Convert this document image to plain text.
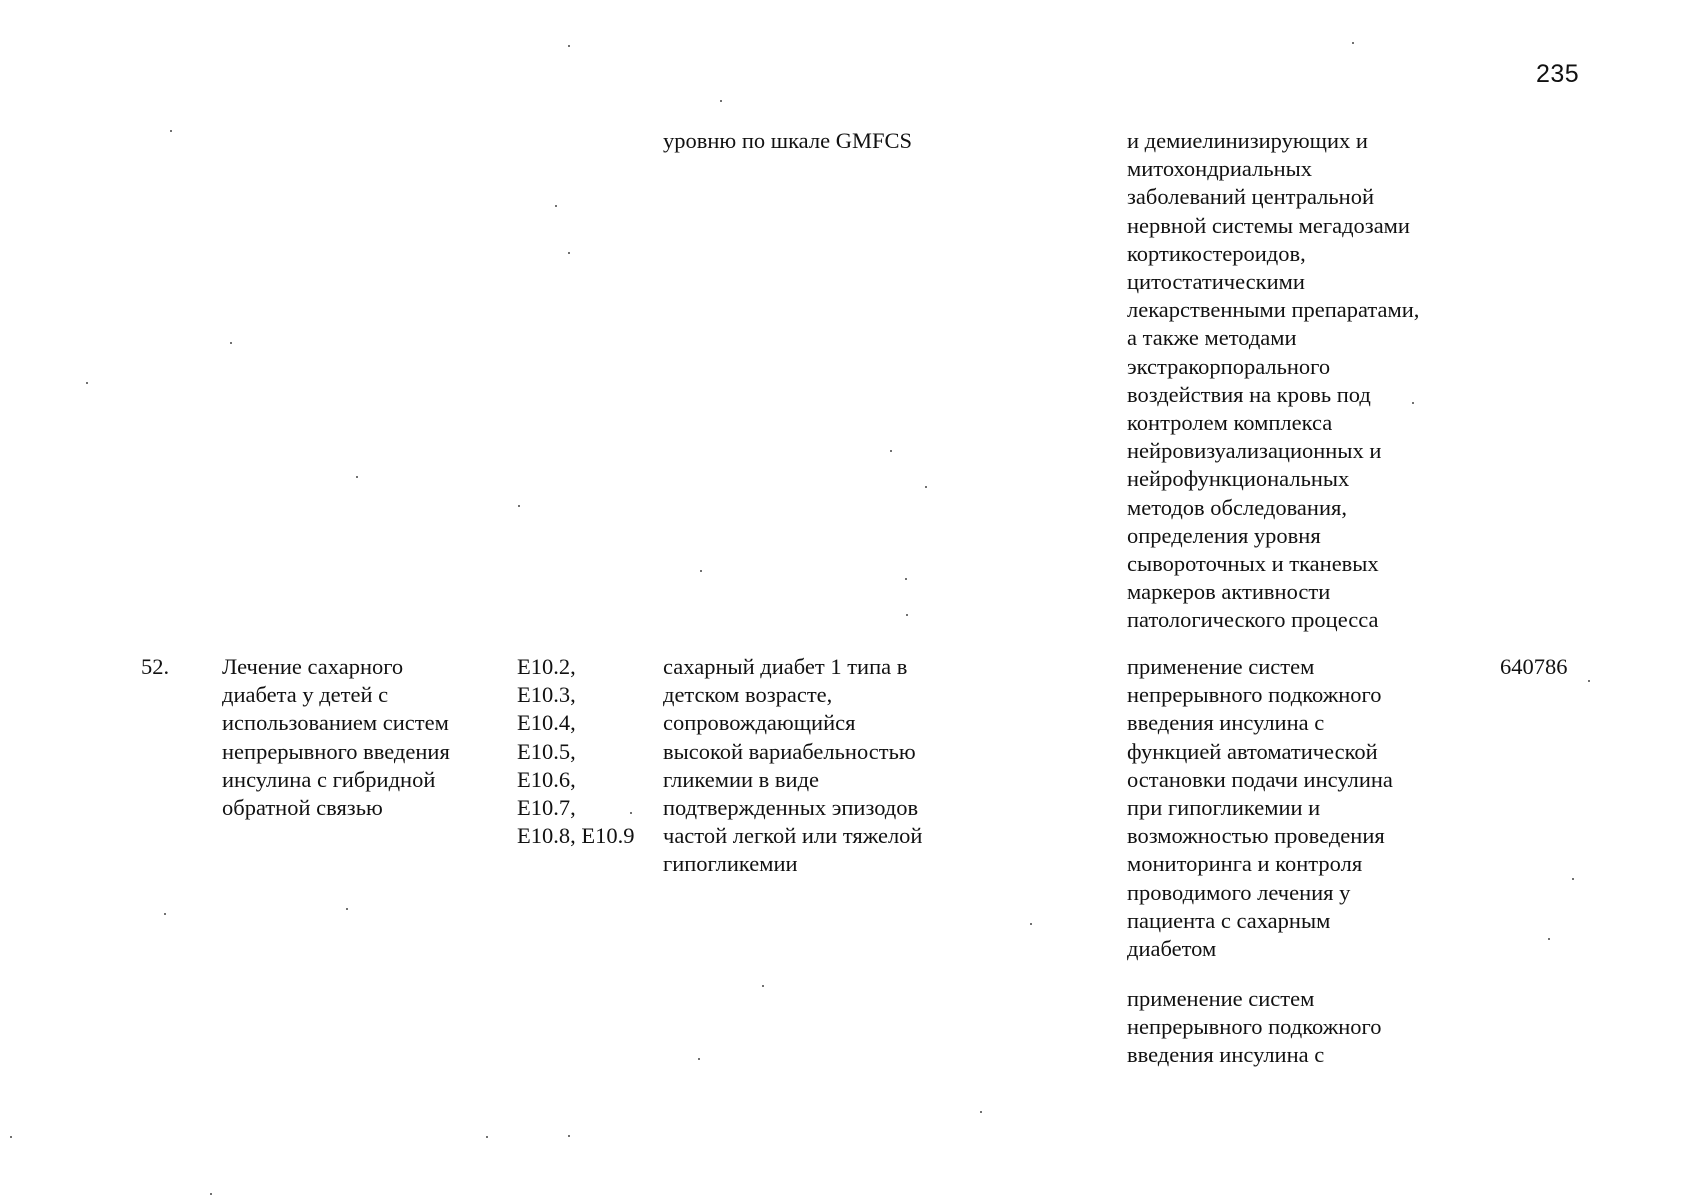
235
уровню по шкале GMFCS	и демиелинизирующих и
митохондриальных
заболеваний центральной
нервной системы мегадозами
кортикостероидов,
цитостатическими
лекарственными препаратами,
а также методами
экстракорпорального
воздействия на кровь под
контролем комплекса
нейровизуализационных и
нейрофункциональных
методов обследования,
определения уровня
сывороточных и тканевых
маркеров активности
патологического процесса
52. Лечение сахарного
диабета у детей с
использованием систем
непрерывного введения
инсулина с гибридной
обратной связью
E10.2,
E10.3,
E10.4,
E10.5,
E10.6,
E10.7,
E10.8, E10.9
сахарный диабет 1 типа в
детском возрасте,
сопровождающийся
высокой вариабельностью
гликемии в виде
подтвержденных эпизодов
частой легкой или тяжелой
гипогликемии
применение систем
непрерывного подкожного
введения инсулина с
функцией автоматической
остановки подачи инсулина
при гипогликемии и
возможностью проведения
мониторинга и контроля
проводимого лечения у
пациента с сахарным
диабетом
применение систем
непрерывного подкожного
введения инсулина с
640786
